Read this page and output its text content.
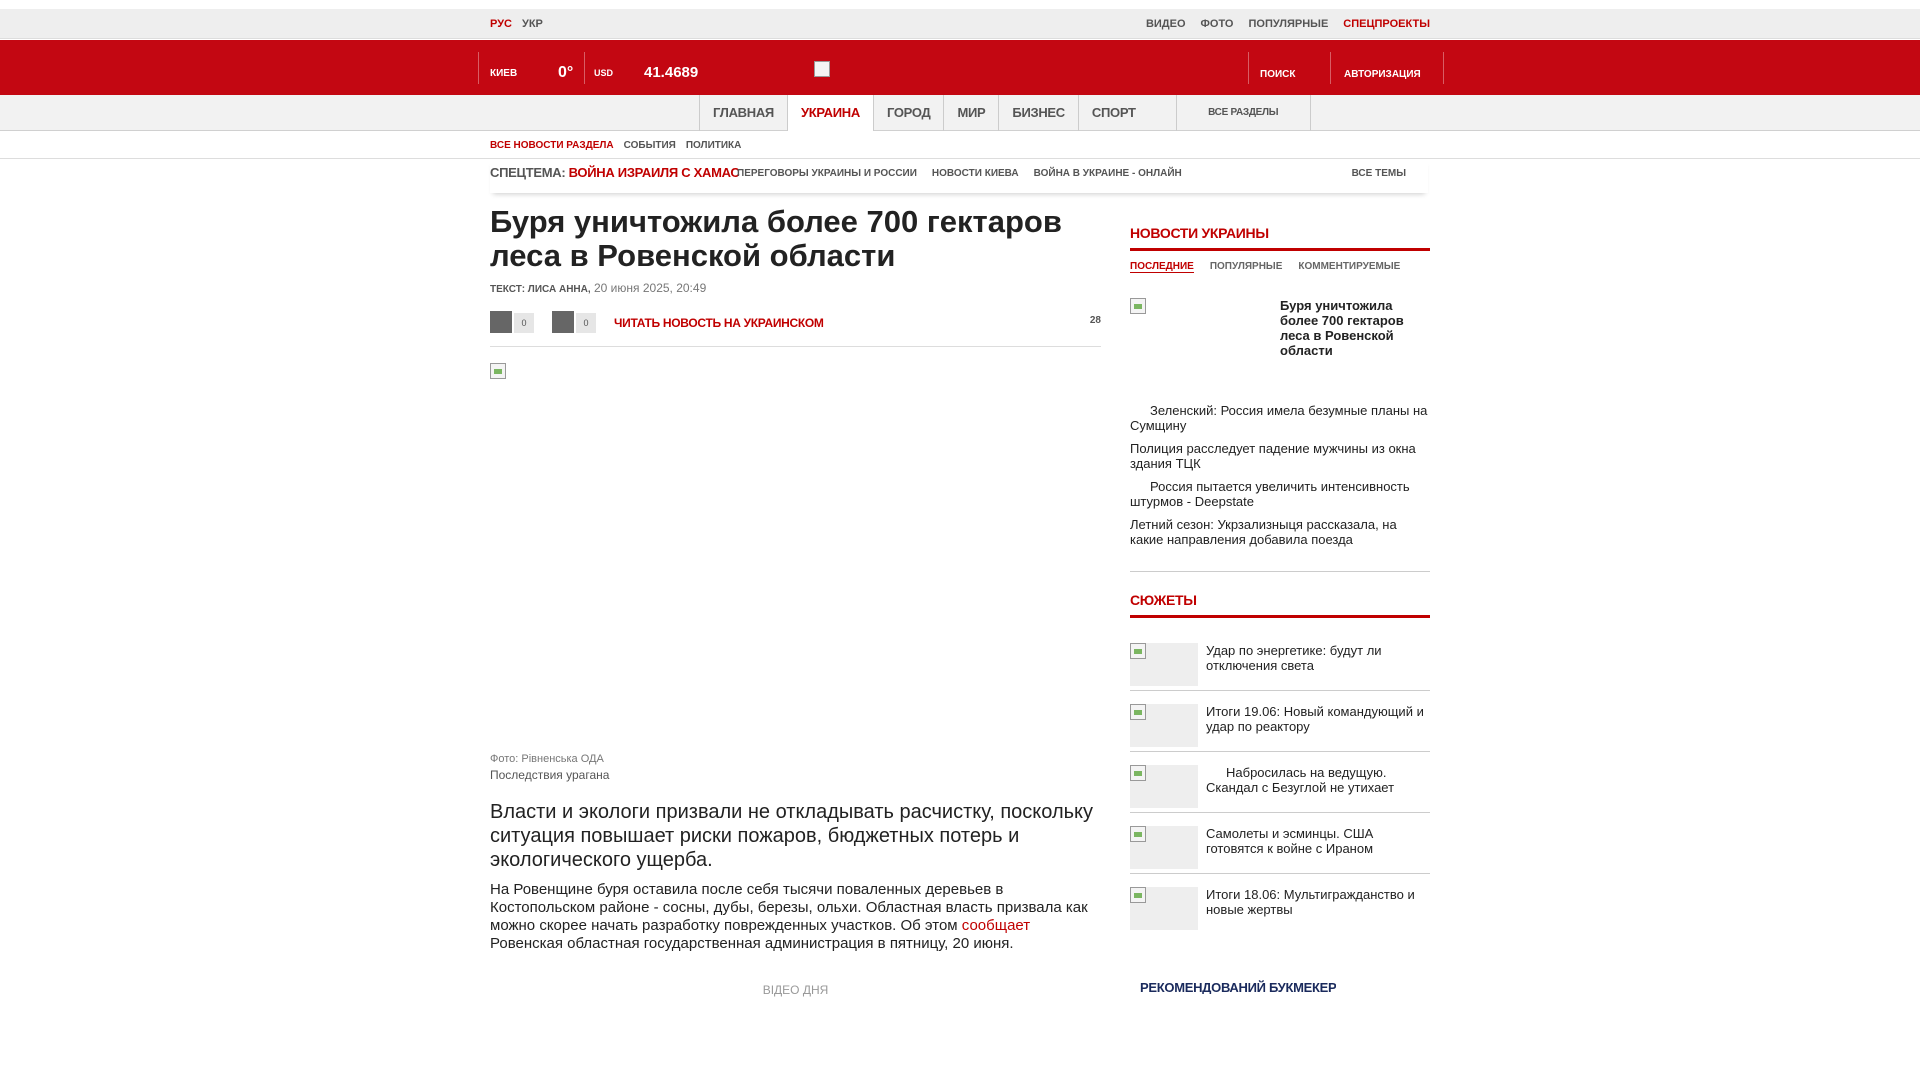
РУС УКР	ВИДЕО ФОТО ПОПУЛЯРНЫЕ СПЕЦПРОЕКТЫ
КИЕВ	0° USD 41.4689	ПОИСК	АВТОРИЗАЦИЯ
ГЛАВНАЯ	УКРАИНА	ГОРОД	МИР	БИЗНЕС	СПОРТ	ВСЕ РАЗДЕЛЫ
ВСЕ НОВОСТИ РАЗДЕЛА СОБЫТИЯ ПОЛИТИКА
СПЕЦТЕМА: ВОЙНА ИЗРАИЛЯ С ХАМАС
ПЕРЕГОВОРЫ УКРАИНЫ И РОССИИ НОВОСТИ КИЕВА ВОЙНА В УКРАИНЕ - ОНЛАЙН	ВСЕ ТЕМЫ
Буря уничтожила более 700 гектаров леса в Ровенской области
ТЕКСТ: ЛИСА АННА, 20 июня 2025, 20:49
0	0	ЧИТАТЬ НОВОСТЬ НА УКРАИНСКОМ	28
Фото: Рівненська ОДА
Последствия урагана

Власти и экологи призвали не откладывать расчистку, поскольку ситуация повышает риски пожаров, бюджетных потерь и экологического ущерба.

На Ровенщине буря оставила после себя тысячи поваленных деревьев в Костопольском районе - сосны, дубы, березы, ольхи. Областная власть призвала как можно скорее начать разработку поврежденных участков. Об этом сообщает Ровенская областная государственная администрация в пятницу, 20 июня.

ВІДЕО ДНЯ
НОВОСТИ УКРАИНЫ
ПОСЛЕДНИЕ ПОПУЛЯРНЫЕ КОММЕНТИРУЕМЫЕ
Буря уничтожила более 700 гектаров леса в Ровенской области
Зеленский: Россия имела безумные планы на Сумщину
Полиция расследует падение мужчины из окна здания ТЦК
Россия пытается увеличить интенсивность штурмов - Deepstate
Летний сезон: Укрзализныця рассказала, на какие направления добавила поезда
СЮЖЕТЫ
Удар по энергетике: будут ли отключения света
Итоги 19.06: Новый командующий и удар по реактору
Набросилась на ведущую. Скандал с Безуглой не утихает
Самолеты и эсминцы. США готовятся к войне с Ираном
Итоги 18.06: Мультигражданство и новые жертвы
РЕКОМЕНДОВАНИЙ БУКМЕКЕР
